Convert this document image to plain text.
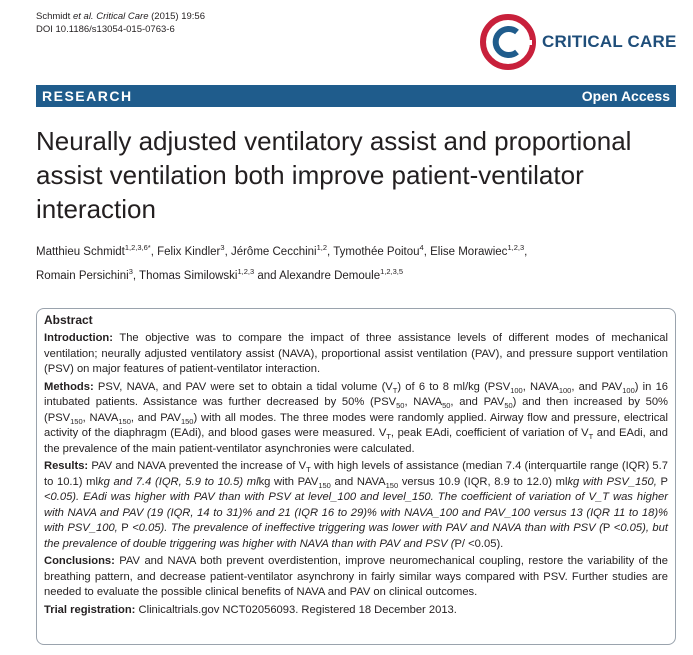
Schmidt et al. Critical Care (2015) 19:56
DOI 10.1186/s13054-015-0763-6
CRITICAL CARE
RESEARCH	Open Access
Neurally adjusted ventilatory assist and proportional assist ventilation both improve patient-ventilator interaction
Matthieu Schmidt$^{1,2,3,6*}$, Felix Kindler$^3$, Jérôme Cecchini$^{1,2}$, Tymothée Poitou$^4$, Elise Morawiec$^{1,2,3}$,
Romain Persichini$^3$, Thomas Similowski$^{1,2,3}$ and Alexandre Demoule$^{1,2,3,5}$
Abstract

Introduction: The objective was to compare the impact of three assistance levels of different modes of mechanical ventilation; neurally adjusted ventilatory assist (NAVA), proportional assist ventilation (PAV), and pressure support ventilation (PSV) on major features of patient-ventilator interaction.

Methods: PSV, NAVA, and PAV were set to obtain a tidal volume $(V_T)$ of 6 to 8 ml/kg ($PSV_{100}$, $NAVA_{100}$, and $PAV_{100}$) in 16 intubated patients. Assistance was further decreased by 50% ($PSV_{50}$, $NAVA_{50}$, and $PAV_{50}$) and then increased by 50% ($PSV_{150}$, $NAVA_{150}$, and $PAV_{150}$) with all modes. The three modes were randomly applied. Airway flow and pressure, electrical activity of the diaphragm (EAdi), and blood gases were measured. $V_T$, peak EAdi, coefficient of variation of $V_T$ and EAdi, and the prevalence of the main patient-ventilator asynchronies were calculated.

Results: PAV and NAVA prevented the increase of $V_T$ with high levels of assistance (median 7.4 (interquartile range (IQR) 5.7 to 10.1) mlkg and 7.4 (IQR, 5.9 to 10.5) mlkg with $PAV_{150}$ and $NAVA_{150}$ versus 10.9 (IQR, 8.9 to 12.0) mlkg with PSV_150, P <0.05). EAdi was higher with PAV than with PSV at level_100 and level_150. The coefficient of variation of V_T was higher with NAVA and PAV (19 (IQR, 14 to 31)% and 21 (IQR 16 to 29)% with NAVA_100 and PAV_100 versus 13 (IQR 11 to 18)% with PSV_100, P <0.05). The prevalence of ineffective triggering was lower with PAV and NAVA than with PSV (P <0.05), but the prevalence of double triggering was higher with NAVA than with PAV and PSV (P/ <0.05).

Conclusions: PAV and NAVA both prevent overdistention, improve neuromechanical coupling, restore the variability of the breathing pattern, and decrease patient-ventilator asynchrony in fairly similar ways compared with PSV. Further studies are needed to evaluate the possible clinical benefits of NAVA and PAV on clinical outcomes.

Trial registration: Clinicaltrials.gov NCT02056093. Registered 18 December 2013.
